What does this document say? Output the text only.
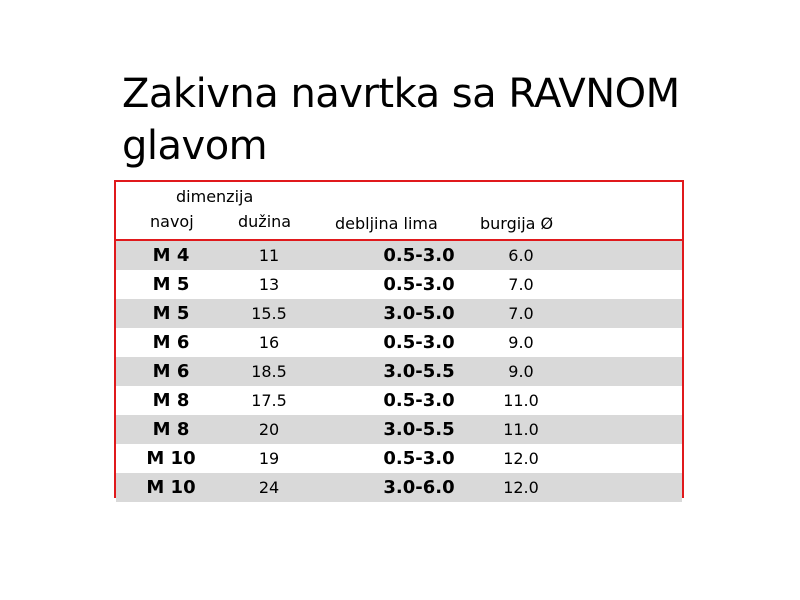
Zakivna navrtka sa RAVNOM glavom
dimenzija
navoj	dužina	debljina lima	burgija Ø
M 4	11	0.5-3.0	6.0
M 5	13	0.5-3.0	7.0
M 5	15.5	3.0-5.0	7.0
M 6	16	0.5-3.0	9.0
M 6	18.5	3.0-5.5	9.0
M 8	17.5	0.5-3.0	11.0
M 8	20	3.0-5.5	11.0
M 10	19	0.5-3.0	12.0
M 10	24	3.0-6.0	12.0
